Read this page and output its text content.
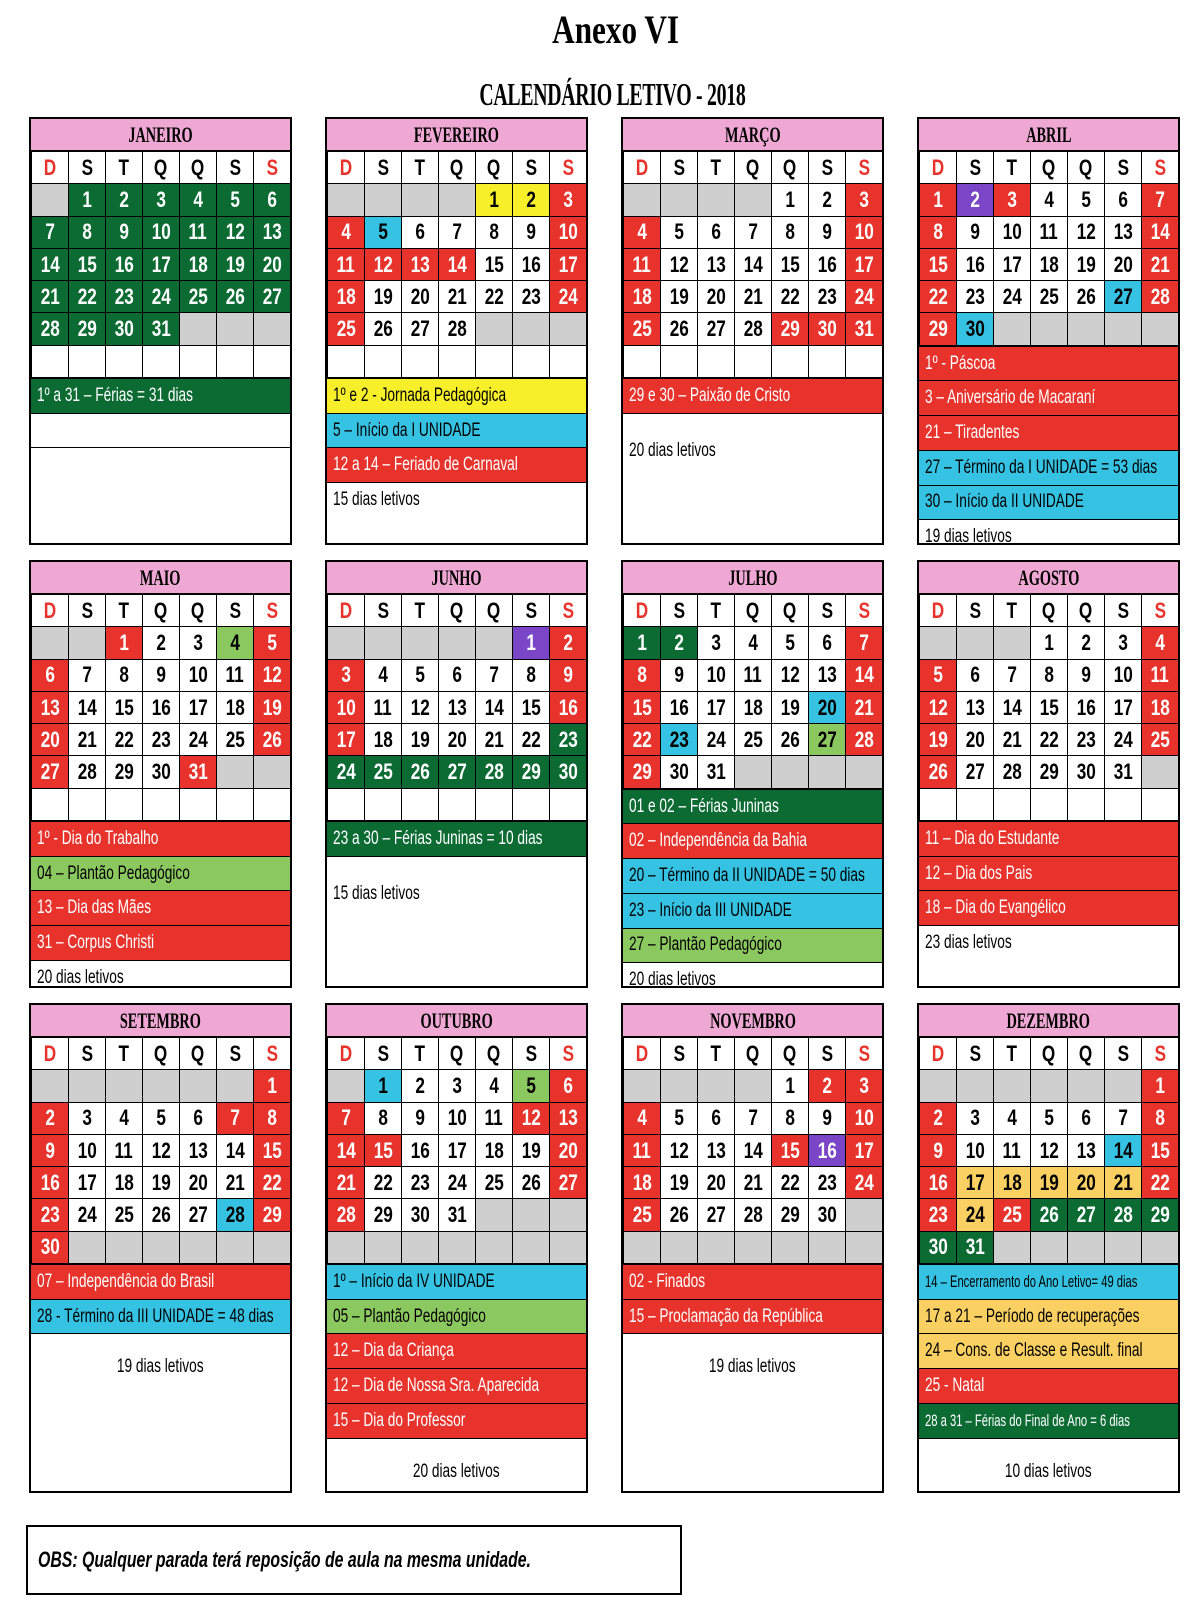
Anexo VI
CALENDÁRIO LETIVO - 2018
JANEIRO
D	S	T	Q	Q	S	S
	1	2	3	4	5	6
7	8	9	10	11	12	13
14	15	16	17	18	19	20
21	22	23	24	25	26	27
28	29	30	31			

1º a 31 – Férias = 31 dias
FEVEREIRO
D	S	T	Q	Q	S	S
				1	2	3
4	5	6	7	8	9	10
11	12	13	14	15	16	17
18	19	20	21	22	23	24
25	26	27	28			

1º e 2 - Jornada Pedagógica
5 – Início da I UNIDADE
12 a 14 – Feriado de Carnaval
15 dias letivos
MARÇO
D	S	T	Q	Q	S	S
				1	2	3
4	5	6	7	8	9	10
11	12	13	14	15	16	17
18	19	20	21	22	23	24
25	26	27	28	29	30	31

29 e 30 – Paixão de Cristo
20 dias letivos
ABRIL
D	S	T	Q	Q	S	S
1	2	3	4	5	6	7
8	9	10	11	12	13	14
15	16	17	18	19	20	21
22	23	24	25	26	27	28
29	30					
1º - Páscoa
3 – Aniversário de Macaraní
21 – Tiradentes
27 – Término da I UNIDADE = 53 dias
30 – Início da II UNIDADE
19 dias letivos
MAIO
D	S	T	Q	Q	S	S
		1	2	3	4	5
6	7	8	9	10	11	12
13	14	15	16	17	18	19
20	21	22	23	24	25	26
27	28	29	30	31		

1º - Dia do Trabalho
04 – Plantão Pedagógico
13 – Dia das Mães
31 – Corpus Christi
20 dias letivos
JUNHO
D	S	T	Q	Q	S	S
					1	2
3	4	5	6	7	8	9
10	11	12	13	14	15	16
17	18	19	20	21	22	23
24	25	26	27	28	29	30

23 a 30 – Férias Juninas = 10 dias
15 dias letivos
JULHO
D	S	T	Q	Q	S	S
1	2	3	4	5	6	7
8	9	10	11	12	13	14
15	16	17	18	19	20	21
22	23	24	25	26	27	28
29	30	31				
01 e 02 – Férias Juninas
02 – Independência da Bahia
20 – Término da II UNIDADE = 50 dias
23 – Início da III UNIDADE
27 – Plantão Pedagógico
20 dias letivos
AGOSTO
D	S	T	Q	Q	S	S
			1	2	3	4
5	6	7	8	9	10	11
12	13	14	15	16	17	18
19	20	21	22	23	24	25
26	27	28	29	30	31	

11 – Dia do Estudante
12 – Dia dos Pais
18 – Dia do Evangélico
23 dias letivos
SETEMBRO
D	S	T	Q	Q	S	S
						1
2	3	4	5	6	7	8
9	10	11	12	13	14	15
16	17	18	19	20	21	22
23	24	25	26	27	28	29
30						
07 – Independência do Brasil
28 - Término da III UNIDADE = 48 dias
19 dias letivos
OUTUBRO
D	S	T	Q	Q	S	S
	1	2	3	4	5	6
7	8	9	10	11	12	13
14	15	16	17	18	19	20
21	22	23	24	25	26	27
28	29	30	31			

1º – Início da IV UNIDADE
05 – Plantão Pedagógico
12 – Dia da Criança
12 – Dia de Nossa Sra. Aparecida
15 – Dia do Professor
20 dias letivos
NOVEMBRO
D	S	T	Q	Q	S	S
				1	2	3
4	5	6	7	8	9	10
11	12	13	14	15	16	17
18	19	20	21	22	23	24
25	26	27	28	29	30	

02 - Finados
15 – Proclamação da República
19 dias letivos
DEZEMBRO
D	S	T	Q	Q	S	S
						1
2	3	4	5	6	7	8
9	10	11	12	13	14	15
16	17	18	19	20	21	22
23	24	25	26	27	28	29
30	31					
14 – Encerramento do Ano Letivo= 49 dias
17 a 21 – Período de recuperações
24 – Cons. de Classe e Result. final
25 - Natal
28 a 31 – Férias do Final de Ano = 6 dias
10 dias letivos
OBS: Qualquer parada terá reposição de aula na mesma unidade.
